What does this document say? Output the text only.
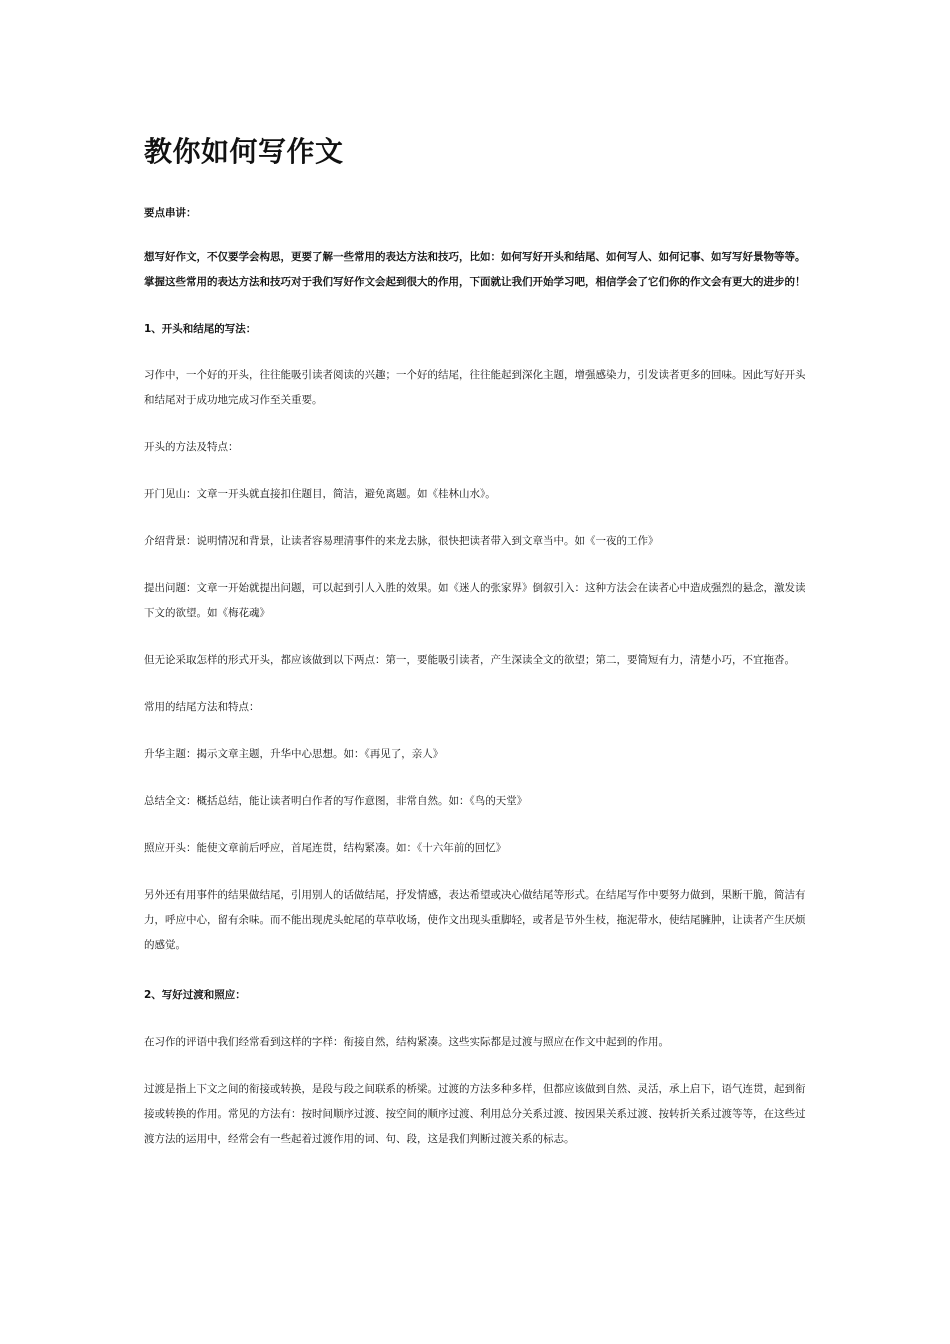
教你如何写作文
要点串讲：
想写好作文，不仅要学会构思，更要了解一些常用的表达方法和技巧，比如：如何写好开头和结尾、如何写人、如何记事、如写写好景物等等。掌握这些常用的表达方法和技巧对于我们写好作文会起到很大的作用，下面就让我们开始学习吧，相信学会了它们你的作文会有更大的进步的！
1、开头和结尾的写法：
习作中，一个好的开头，往往能吸引读者阅读的兴趣；一个好的结尾，往往能起到深化主题，增强感染力，引发读者更多的回味。因此写好开头和结尾对于成功地完成习作至关重要。
开头的方法及特点：
开门见山：文章一开头就直接扣住题目，简洁，避免离题。如《桂林山水》。
介绍背景：说明情况和背景，让读者容易理清事件的来龙去脉，很快把读者带入到文章当中。如《一夜的工作》
提出问题：文章一开始就提出问题，可以起到引人入胜的效果。如《迷人的张家界》倒叙引入：这种方法会在读者心中造成强烈的悬念，激发读下文的欲望。如《梅花魂》
但无论采取怎样的形式开头，都应该做到以下两点：第一，要能吸引读者，产生深读全文的欲望；第二，要简短有力，清楚小巧，不宜拖沓。
常用的结尾方法和特点：
升华主题：揭示文章主题，升华中心思想。如：《再见了，亲人》
总结全文：概括总结，能让读者明白作者的写作意图，非常自然。如：《鸟的天堂》
照应开头：能使文章前后呼应，首尾连贯，结构紧凑。如：《十六年前的回忆》
另外还有用事件的结果做结尾，引用别人的话做结尾，抒发情感，表达希望或决心做结尾等形式。在结尾写作中要努力做到，果断干脆，简洁有力，呼应中心，留有余味。而不能出现虎头蛇尾的草草收场，使作文出现头重脚轻，或者是节外生枝，拖泥带水，使结尾臃肿，让读者产生厌烦的感觉。
2、写好过渡和照应：
在习作的评语中我们经常看到这样的字样：衔接自然，结构紧凑。这些实际都是过渡与照应在作文中起到的作用。
过渡是指上下文之间的衔接或转换，是段与段之间联系的桥梁。过渡的方法多种多样，但都应该做到自然、灵活，承上启下，语气连贯，起到衔接或转换的作用。常见的方法有：按时间顺序过渡、按空间的顺序过渡、利用总分关系过渡、按因果关系过渡、按转折关系过渡等等，在这些过渡方法的运用中，经常会有一些起着过渡作用的词、句、段，这是我们判断过渡关系的标志。
